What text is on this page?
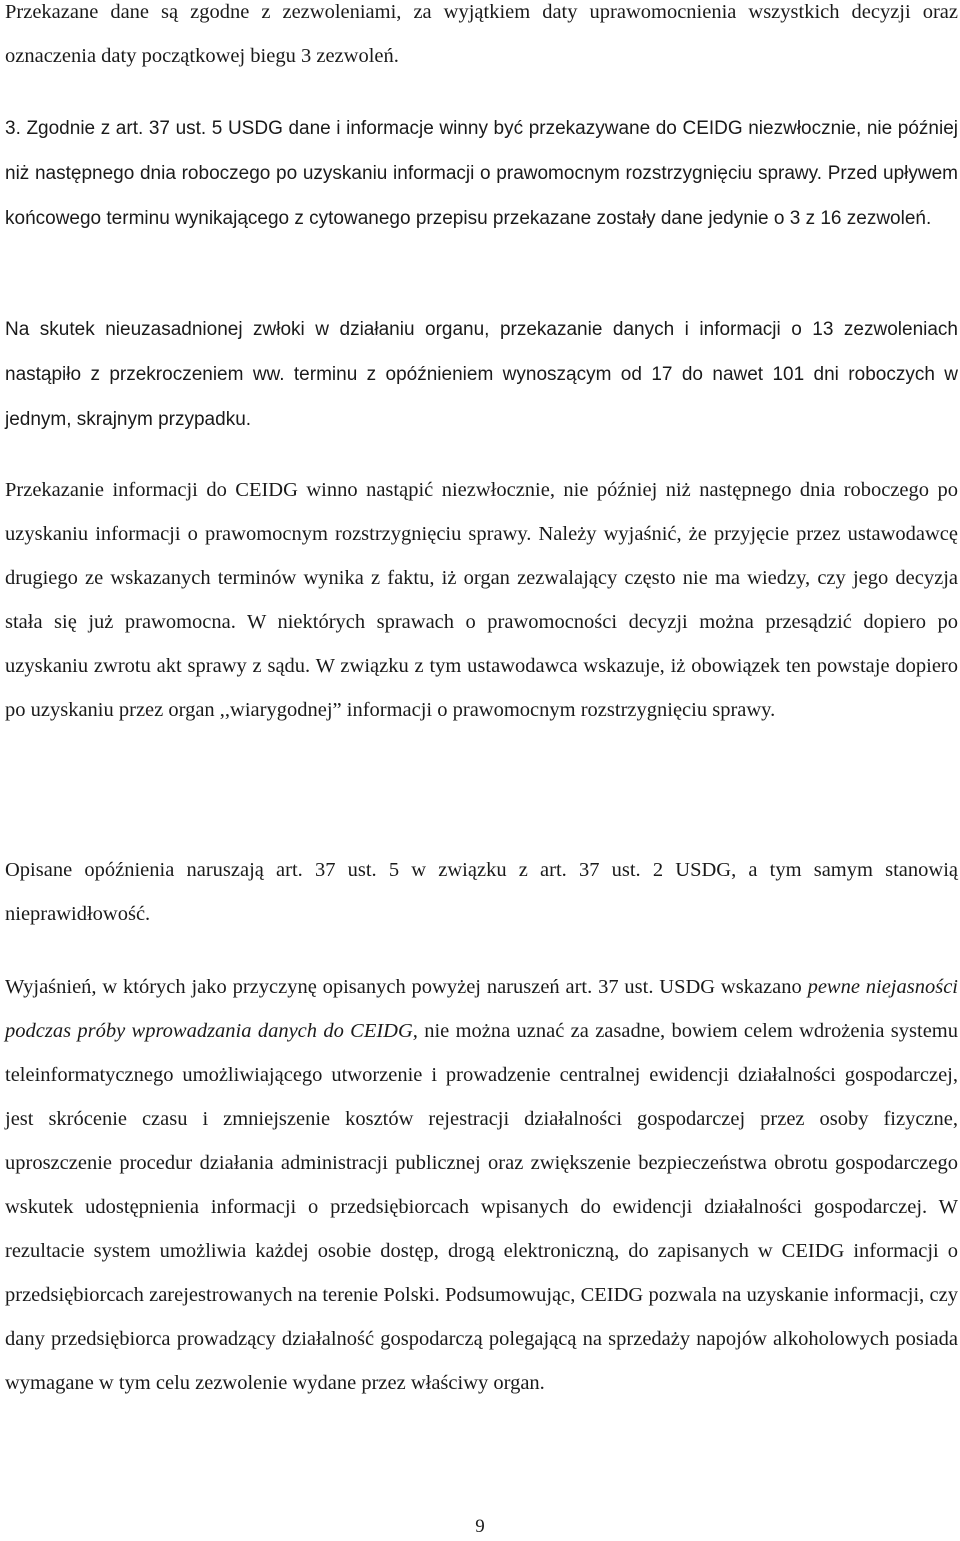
Przekazane dane są zgodne z zezwoleniami, za wyjątkiem daty uprawomocnienia wszystkich decyzji oraz oznaczenia daty początkowej biegu 3 zezwoleń.

3. Zgodnie z art. 37 ust. 5 USDG dane i informacje winny być przekazywane do CEIDG niezwłocznie, nie później niż następnego dnia roboczego po uzyskaniu informacji o prawomocnym rozstrzygnięciu sprawy. Przed upływem końcowego terminu wynikającego z cytowanego przepisu przekazane zostały dane jedynie o 3 z 16 zezwoleń.

Na skutek nieuzasadnionej zwłoki w działaniu organu, przekazanie danych i informacji o 13 zezwoleniach nastąpiło z przekroczeniem ww. terminu z opóźnieniem wynoszącym od 17 do nawet 101 dni roboczych w jednym, skrajnym przypadku.

Przekazanie informacji do CEIDG winno nastąpić niezwłocznie, nie później niż następnego dnia roboczego po uzyskaniu informacji o prawomocnym rozstrzygnięciu sprawy. Należy wyjaśnić, że przyjęcie przez ustawodawcę drugiego ze wskazanych terminów wynika z faktu, iż organ zezwalający często nie ma wiedzy, czy jego decyzja stała się już prawomocna. W niektórych sprawach o prawomocności decyzji można przesądzić dopiero po uzyskaniu zwrotu akt sprawy z sądu. W związku z tym ustawodawca wskazuje, iż obowiązek ten powstaje dopiero po uzyskaniu przez organ ,,wiarygodnej” informacji o prawomocnym rozstrzygnięciu sprawy.

Opisane opóźnienia naruszają art. 37 ust. 5 w związku z art. 37 ust. 2 USDG, a tym samym stanowią nieprawidłowość.

Wyjaśnień, w których jako przyczynę opisanych powyżej naruszeń art. 37 ust. USDG wskazano pewne niejasności podczas próby wprowadzania danych do CEIDG, nie można uznać za zasadne, bowiem celem wdrożenia systemu teleinformatycznego umożliwiającego utworzenie i prowadzenie centralnej ewidencji działalności gospodarczej, jest skrócenie czasu i zmniejszenie kosztów rejestracji działalności gospodarczej przez osoby fizyczne, uproszczenie procedur działania administracji publicznej oraz zwiększenie bezpieczeństwa obrotu gospodarczego wskutek udostępnienia informacji o przedsiębiorcach wpisanych do ewidencji działalności gospodarczej. W rezultacie system umożliwia każdej osobie dostęp, drogą elektroniczną, do zapisanych w CEIDG informacji o przedsiębiorcach zarejestrowanych na terenie Polski. Podsumowując, CEIDG pozwala na uzyskanie informacji, czy dany przedsiębiorca prowadzący działalność gospodarczą polegającą na sprzedaży napojów alkoholowych posiada wymagane w tym celu zezwolenie wydane przez właściwy organ.

9
